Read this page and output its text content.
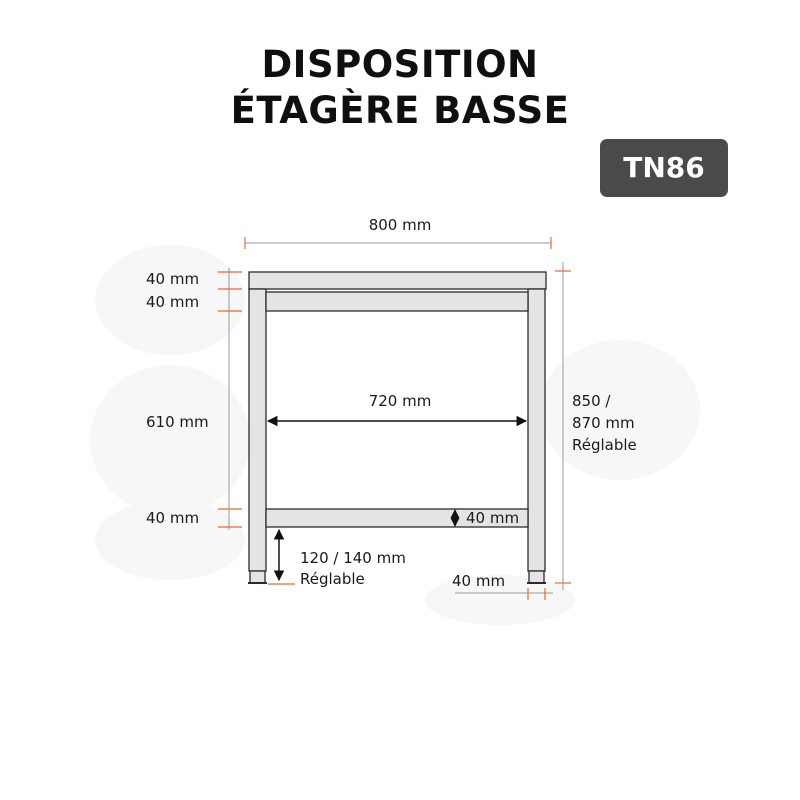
DISPOSITION
ÉTAGÈRE BASSE
TN86
800 mm
40 mm
40 mm
610 mm
40 mm
720 mm
40 mm
120 / 140 mm
Réglable
850 /
870 mm
Réglable
40 mm
